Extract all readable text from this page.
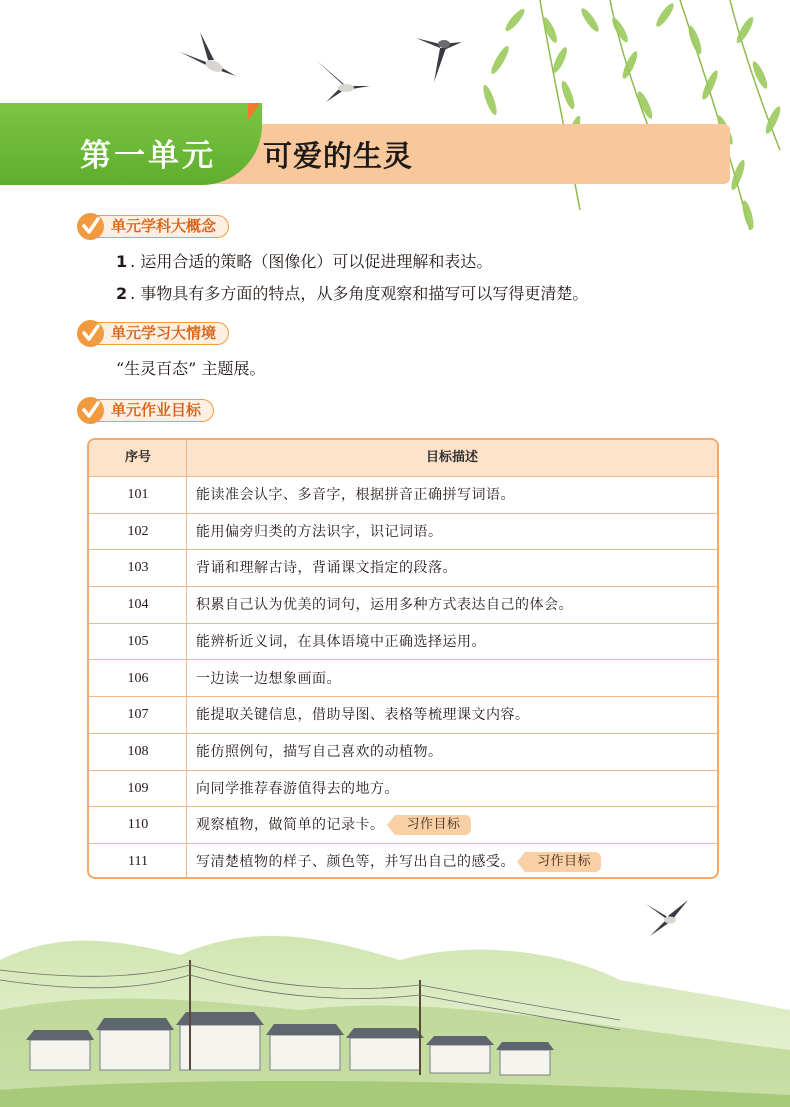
第一单元 可爱的生灵
单元学科大概念
1 . 运用合适的策略（图像化）可以促进理解和表达。
2 . 事物具有多方面的特点，从多角度观察和描写可以写得更清楚。
单元学习大情境
“生灵百态” 主题展。
单元作业目标
序号	目标描述
101	能读准会认字、多音字，根据拼音正确拼写词语。
102	能用偏旁归类的方法识字，识记词语。
103	背诵和理解古诗，背诵课文指定的段落。
104	积累自己认为优美的词句，运用多种方式表达自己的体会。
105	能辨析近义词，在具体语境中正确选择运用。
106	一边读一边想象画面。
107	能提取关键信息，借助导图、表格等梳理课文内容。
108	能仿照例句，描写自己喜欢的动植物。
109	向同学推荐春游值得去的地方。
110	观察植物，做简单的记录卡。 习作目标
111	写清楚植物的样子、颜色等，并写出自己的感受。 习作目标
